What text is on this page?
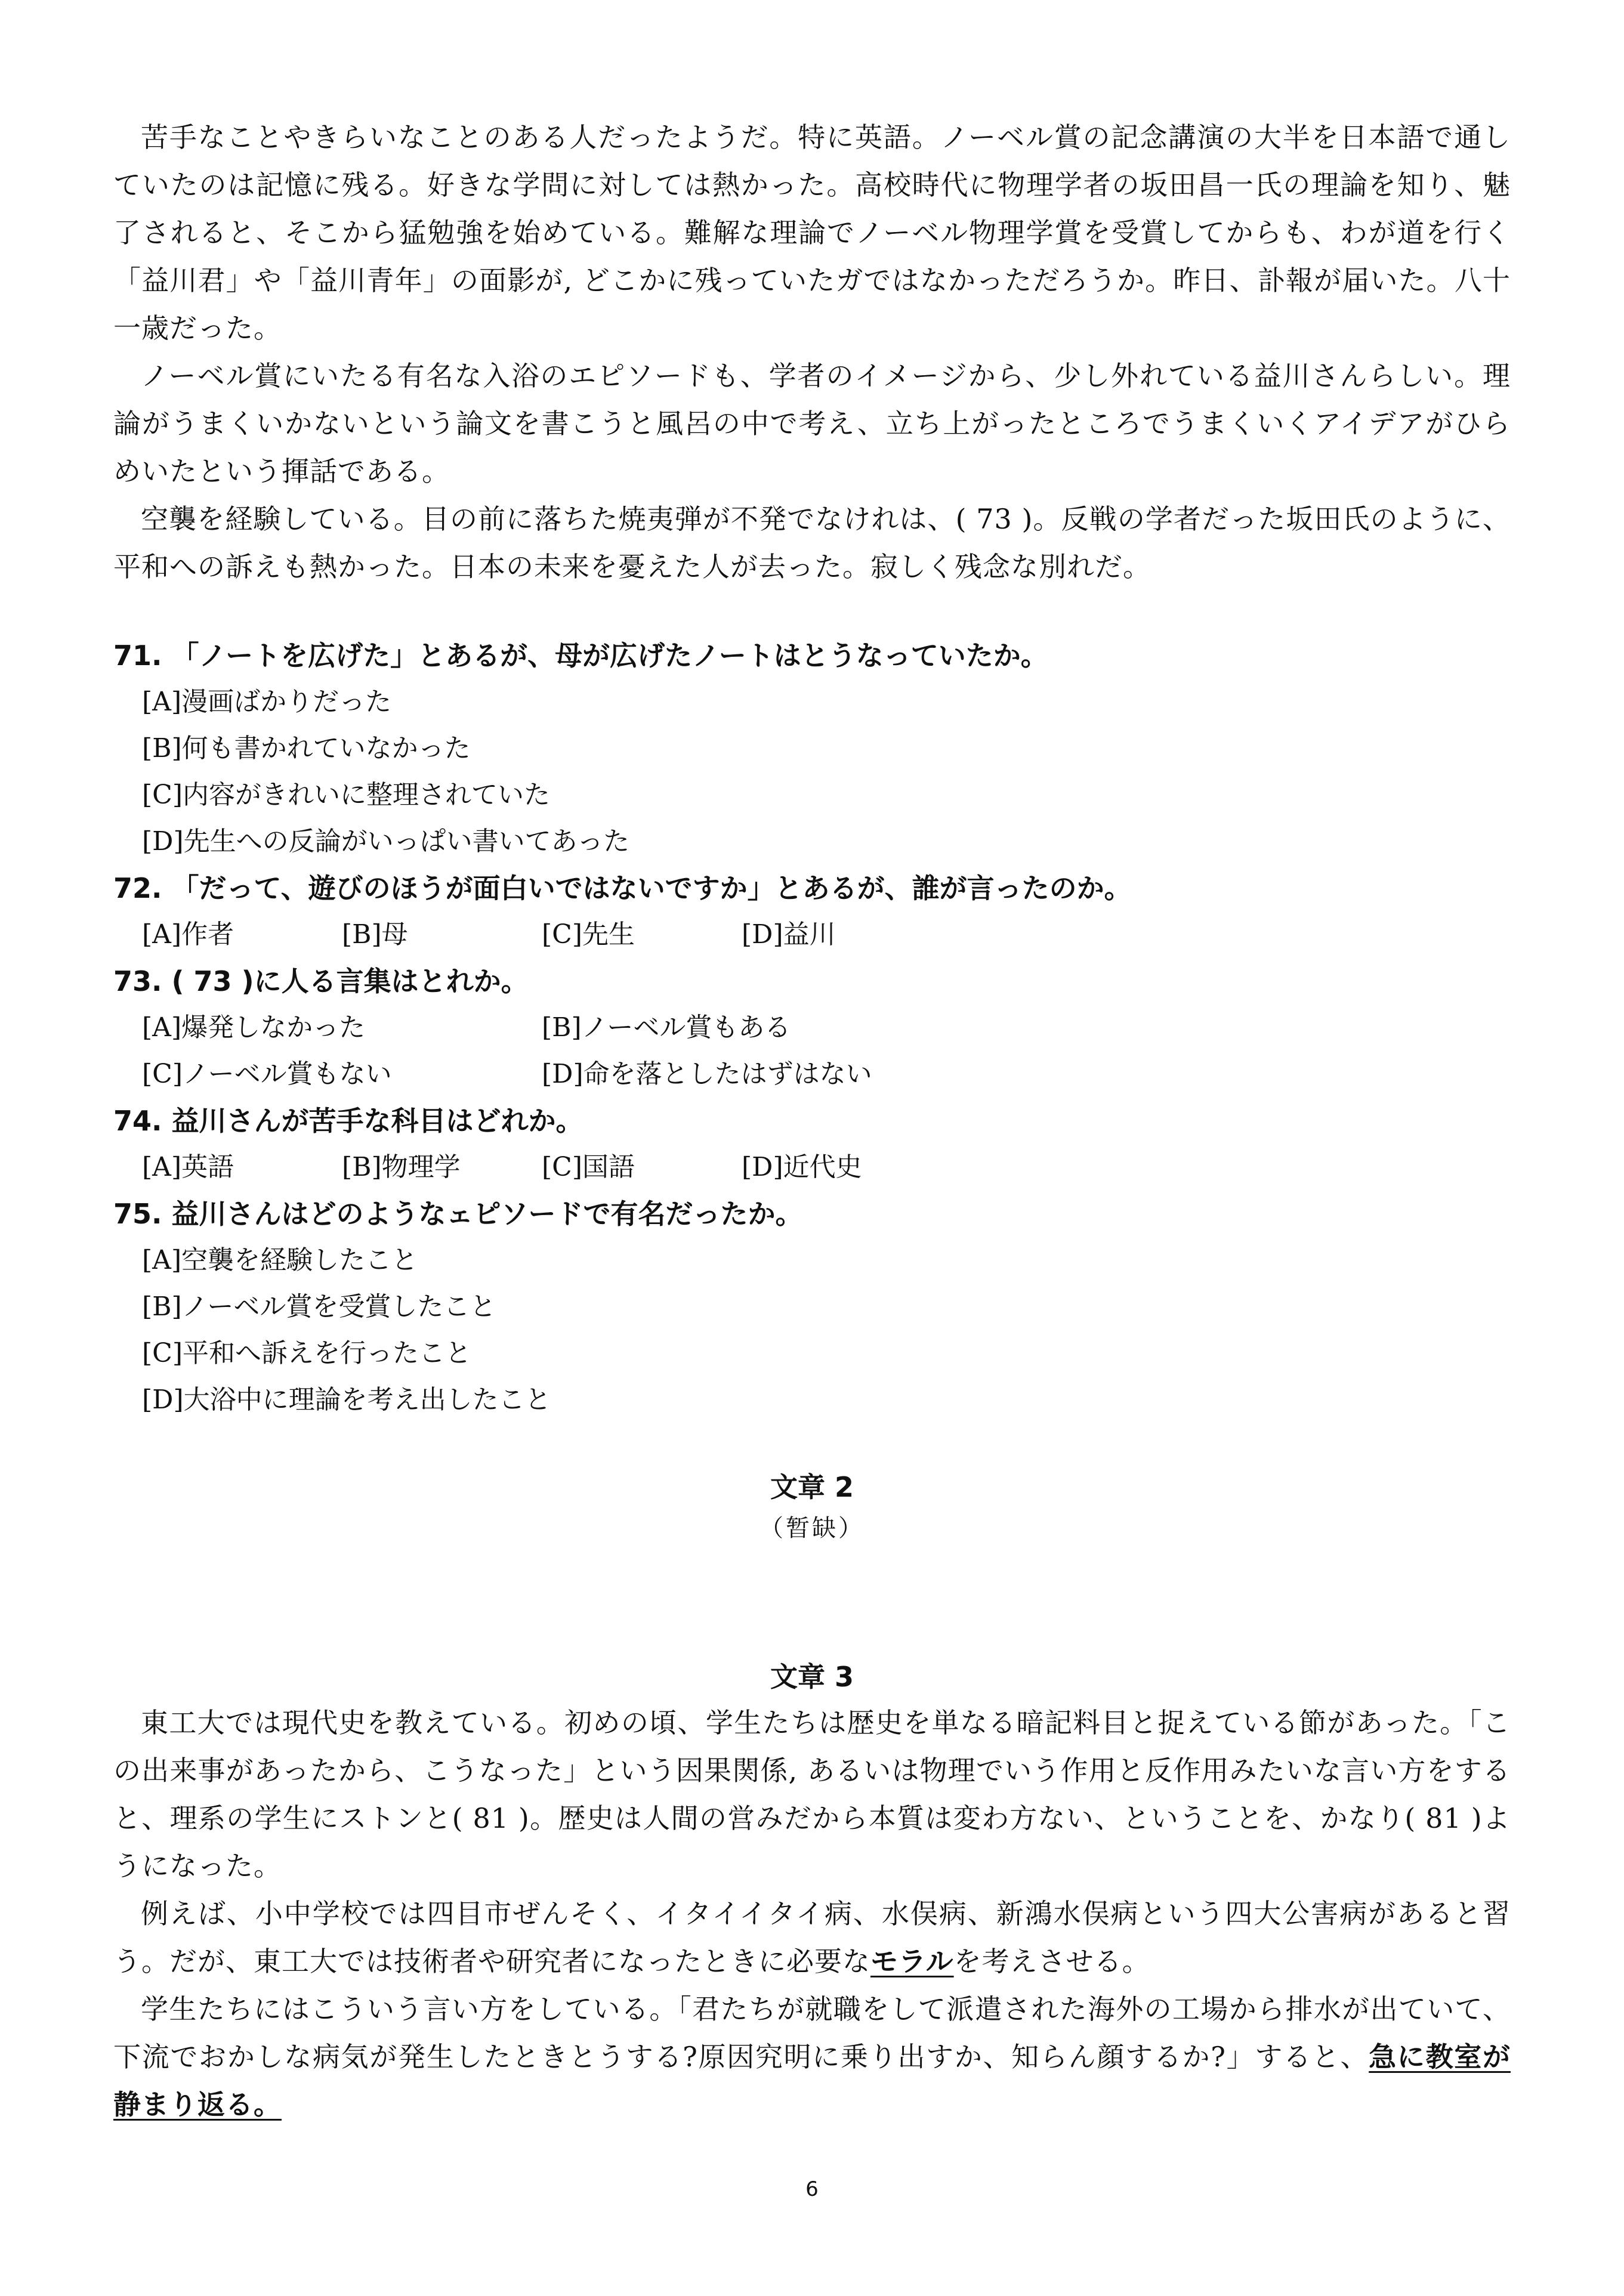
苦手なことやきらいなことのある人だったようだ。特に英語。ノーベル賞の記念講演の大半を日本語で通していたのは記憶に残る。好きな学問に対しては熱かった。高校時代に物理学者の坂田昌一氏の理論を知り、魅了されると、そこから猛勉強を始めている。難解な理論でノーベル物理学賞を受賞してからも、わが道を行く「益川君」や「益川青年」の面影が, どこかに残っていたガではなかっただろうか。昨日、訃報が届いた。八十一歳だった。

ノーベル賞にいたる有名な入浴のエピソードも、学者のイメージから、少し外れている益川さんらしい。理論がうまくいかないという論文を書こうと風呂の中で考え、立ち上がったところでうまくいくアイデアがひらめいたという揮話である。

空襲を経験している。目の前に落ちた焼夷弾が不発でなけれは、( 73 )。反戦の学者だった坂田氏のように、平和への訴えも熱かった。日本の未来を憂えた人が去った。寂しく残念な別れだ。

71. 「ノートを広げた」とあるが、母が広げたノートはとうなっていたか。

[A]漫画ばかりだった

[B]何も書かれていなかった

[C]内容がきれいに整理されていた

[D]先生への反論がいっぱい書いてあった

72. 「だって、遊びのほうが面白いではないですか」とあるが、誰が言ったのか。

[A]作者	[B]母	[C]先生	[D]益川

73. ( 73 )に人る言集はとれか。

[A]爆発しなかった	[B]ノーベル賞もある
[C]ノーベル賞もない	[D]命を落としたはずはない

74. 益川さんが苦手な科目はどれか。

[A]英語	[B]物理学	[C]国語	[D]近代史

75. 益川さんはどのようなェピソードで有名だったか。

[A]空襲を経験したこと

[B]ノーベル賞を受賞したこと

[C]平和へ訴えを行ったこと

[D]大浴中に理論を考え出したこと

文章 2

（暂缺）

文章 3

東工大では現代史を教えている。初めの頃、学生たちは歴史を単なる暗記料目と捉えている節があった。「この出来事があったから、こうなった」という因果関係, あるいは物理でいう作用と反作用みたいな言い方をすると、理系の学生にストンと( 81 )。歴史は人間の営みだから本質は変わ方ない、ということを、かなり( 81 )ようになった。

例えば、小中学校では四目市ぜんそく、イタイイタイ病、水俣病、新鴻水俣病という四大公害病があると習う。だが、東工大では技術者や研究者になったときに必要なモラルを考えさせる。

学生たちにはこういう言い方をしている。「君たちが就職をして派遣された海外の工場から排水が出ていて、下流でおかしな病気が発生したときとうする?原因究明に乗り出すか、知らん顔するか?」すると、急に教室が静まり返る。

6
